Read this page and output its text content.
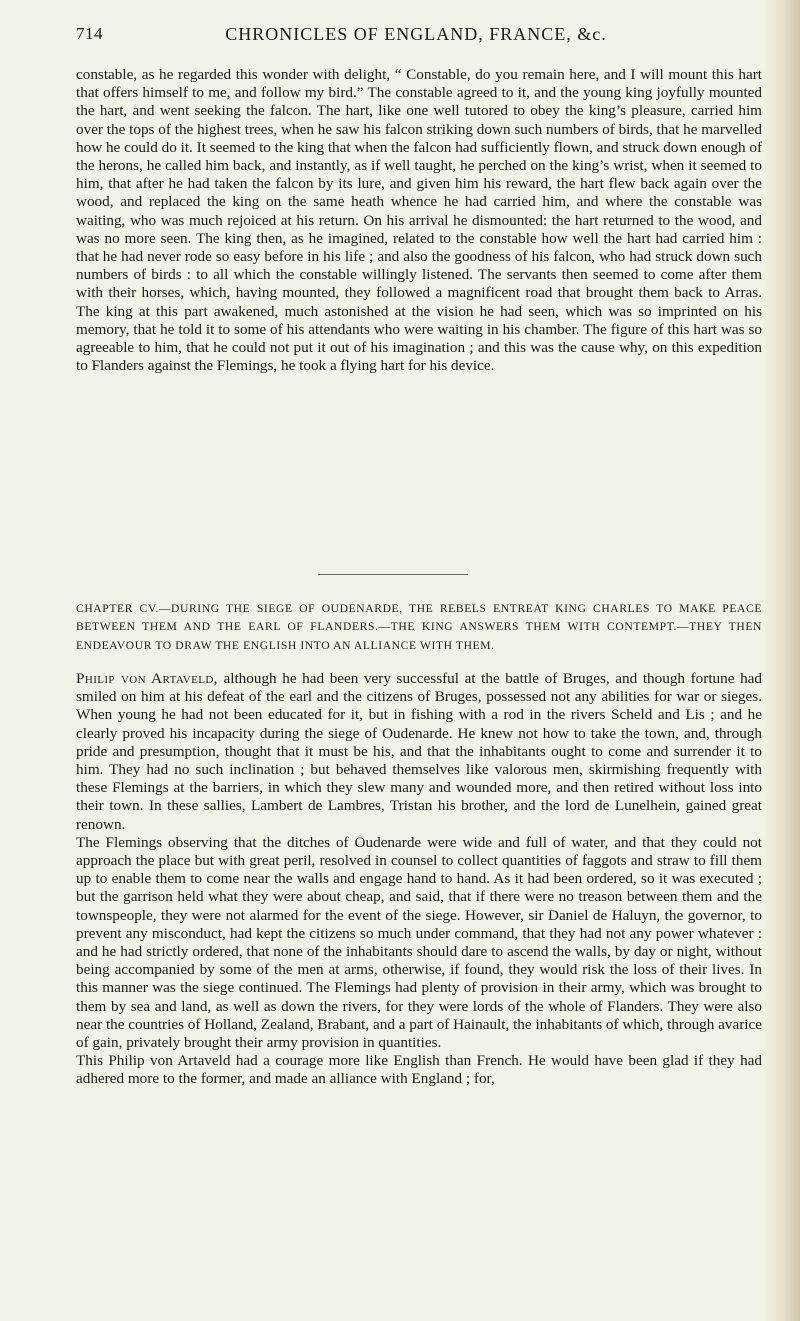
714	CHRONICLES OF ENGLAND, FRANCE, &c.

constable, as he regarded this wonder with delight, “ Constable, do you remain here, and I will mount this hart that offers himself to me, and follow my bird.” The constable agreed to it, and the young king joyfully mounted the hart, and went seeking the falcon. The hart, like one well tutored to obey the king’s pleasure, carried him over the tops of the highest trees, when he saw his falcon striking down such numbers of birds, that he marvelled how he could do it. It seemed to the king that when the falcon had sufficiently flown, and struck down enough of the herons, he called him back, and instantly, as if well taught, he perched on the king’s wrist, when it seemed to him, that after he had taken the falcon by its lure, and given him his reward, the hart flew back again over the wood, and replaced the king on the same heath whence he had carried him, and where the constable was waiting, who was much rejoiced at his return. On his arrival he dismounted: the hart returned to the wood, and was no more seen. The king then, as he imagined, related to the constable how well the hart had carried him : that he had never rode so easy before in his life ; and also the goodness of his falcon, who had struck down such numbers of birds : to all which the constable willingly listened. The servants then seemed to come after them with their horses, which, having mounted, they followed a magnificent road that brought them back to Arras. The king at this part awakened, much astonished at the vision he had seen, which was so imprinted on his memory, that he told it to some of his attendants who were waiting in his chamber. The figure of this hart was so agreeable to him, that he could not put it out of his imagination ; and this was the cause why, on this expedition to Flanders against the Flemings, he took a flying hart for his device.

CHAPTER CV.—DURING THE SIEGE OF OUDENARDE, THE REBELS ENTREAT KING CHARLES TO MAKE PEACE BETWEEN THEM AND THE EARL OF FLANDERS.—THE KING ANSWERS THEM WITH CONTEMPT.—THEY THEN ENDEAVOUR TO DRAW THE ENGLISH INTO AN ALLIANCE WITH THEM.

Philip von Artaveld, although he had been very successful at the battle of Bruges, and though fortune had smiled on him at his defeat of the earl and the citizens of Bruges, possessed not any abilities for war or sieges. When young he had not been educated for it, but in fishing with a rod in the rivers Scheld and Lis ; and he clearly proved his incapacity during the siege of Oudenarde. He knew not how to take the town, and, through pride and presumption, thought that it must be his, and that the inhabitants ought to come and surrender it to him. They had no such inclination ; but behaved themselves like valorous men, skirmishing frequently with these Flemings at the barriers, in which they slew many and wounded more, and then retired without loss into their town. In these sallies, Lambert de Lambres, Tristan his brother, and the lord de Lunelhein, gained great renown.

The Flemings observing that the ditches of Oudenarde were wide and full of water, and that they could not approach the place but with great peril, resolved in counsel to collect quantities of faggots and straw to fill them up to enable them to come near the walls and engage hand to hand. As it had been ordered, so it was executed ; but the garrison held what they were about cheap, and said, that if there were no treason between them and the townspeople, they were not alarmed for the event of the siege. However, sir Daniel de Haluyn, the governor, to prevent any misconduct, had kept the citizens so much under command, that they had not any power whatever : and he had strictly ordered, that none of the inhabitants should dare to ascend the walls, by day or night, without being accompanied by some of the men at arms, otherwise, if found, they would risk the loss of their lives. In this manner was the siege continued. The Flemings had plenty of provision in their army, which was brought to them by sea and land, as well as down the rivers, for they were lords of the whole of Flanders. They were also near the countries of Holland, Zealand, Brabant, and a part of Hainault, the inhabitants of which, through avarice of gain, privately brought their army provision in quantities.

This Philip von Artaveld had a courage more like English than French. He would have been glad if they had adhered more to the former, and made an alliance with England ; for,
